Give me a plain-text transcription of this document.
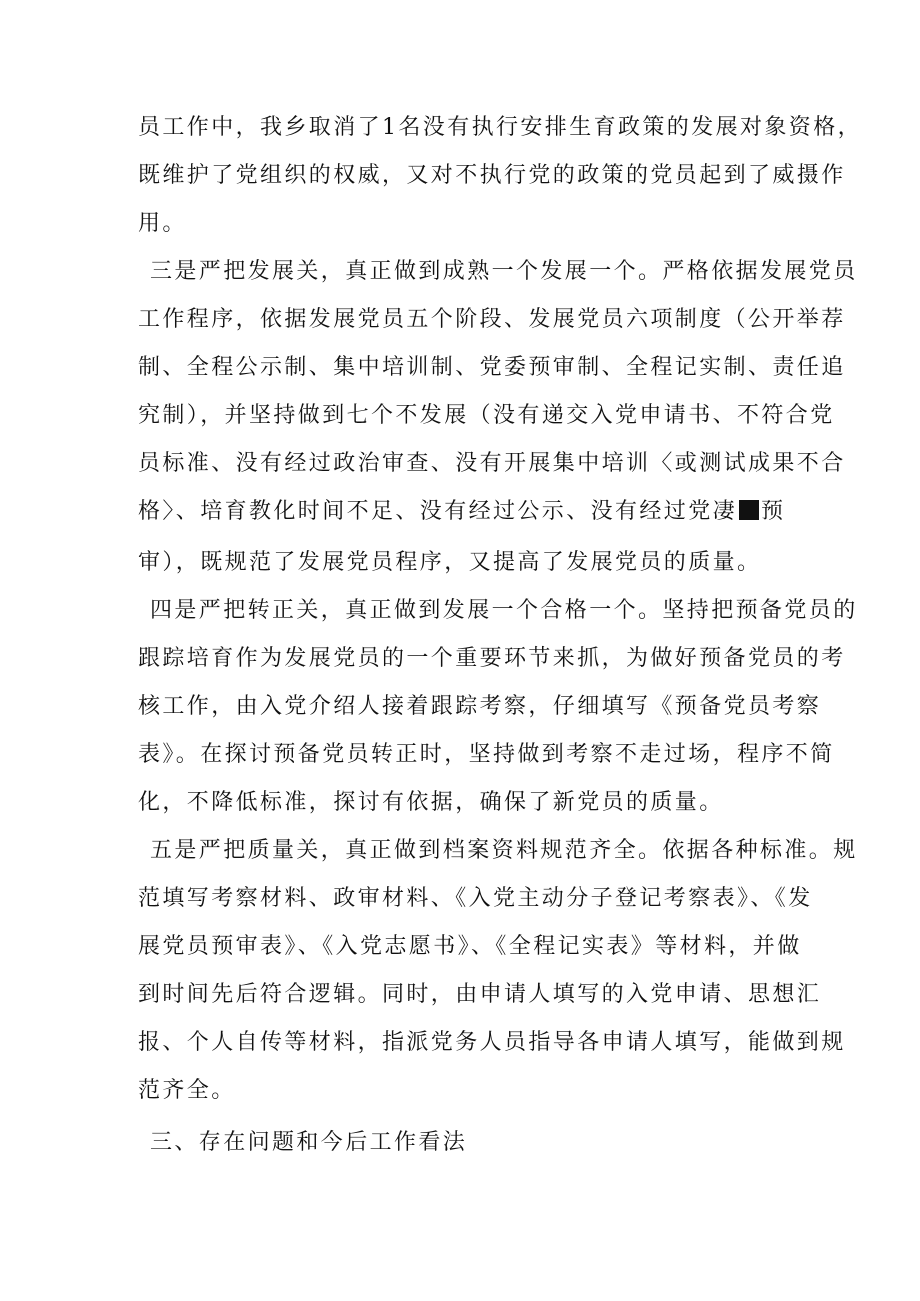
员工作中，我乡取消了1名没有执行安排生育政策的发展对象资格，
既维护了党组织的权威，又对不执行党的政策的党员起到了威摄作
用。
三是严把发展关，真正做到成熟一个发展一个。严格依据发展党员
工作程序，依据发展党员五个阶段、发展党员六项制度（公开举荐
制、全程公示制、集中培训制、党委预审制、全程记实制、责任追
究制），并坚持做到七个不发展（没有递交入党申请书、不符合党
员标准、没有经过政治审查、没有开展集中培训〈或测试成果不合
格〉、培育教化时间不足、没有经过公示、没有经过党凄 预
审），既规范了发展党员程序，又提高了发展党员的质量。
四是严把转正关，真正做到发展一个合格一个。坚持把预备党员的
跟踪培育作为发展党员的一个重要环节来抓，为做好预备党员的考
核工作，由入党介绍人接着跟踪考察，仔细填写《预备党员考察
表》。在探讨预备党员转正时，坚持做到考察不走过场，程序不简
化，不降低标准，探讨有依据，确保了新党员的质量。
五是严把质量关，真正做到档案资料规范齐全。依据各种标准。规
范填写考察材料、政审材料、《入党主动分子登记考察表》、《发
展党员预审表》、《入党志愿书》、《全程记实表》等材料，并做
到时间先后符合逻辑。同时，由申请人填写的入党申请、思想汇
报、个人自传等材料，指派党务人员指导各申请人填写，能做到规
范齐全。
三、存在问题和今后工作看法
